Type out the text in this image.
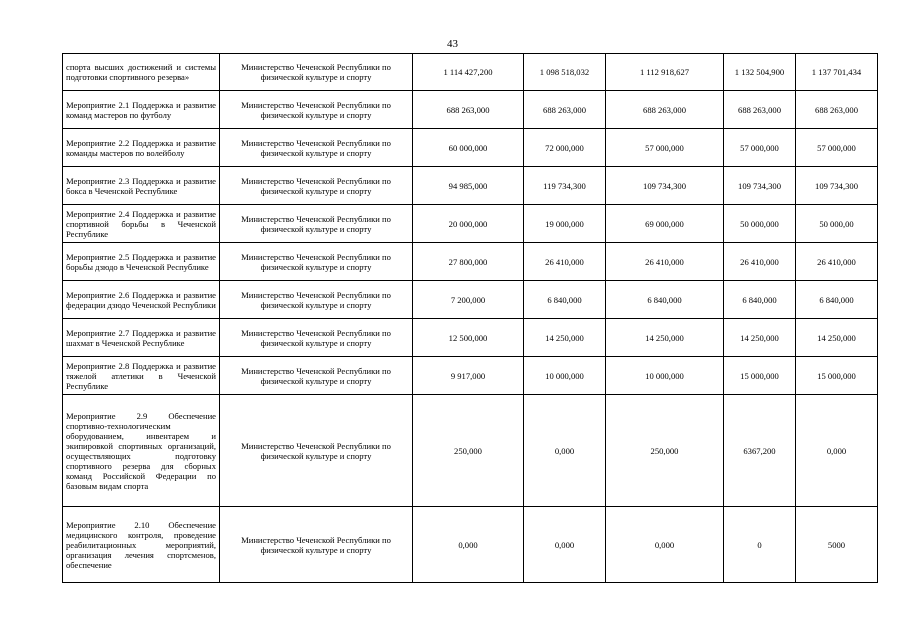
43
спорта высших достижений и системы подготовки спортивного резерва»	Министерство Чеченской Республики по физической культуре и спорту	1 114 427,200	1 098 518,032	1 112 918,627	1 132 504,900	1 137 701,434
Мероприятие 2.1 Поддержка и развитие команд мастеров по футболу	Министерство Чеченской Республики по физической культуре и спорту	688 263,000	688 263,000	688 263,000	688 263,000	688 263,000
Мероприятие 2.2 Поддержка и развитие команды мастеров по волейболу	Министерство Чеченской Республики по физической культуре и спорту	60 000,000	72 000,000	57 000,000	57 000,000	57 000,000
Мероприятие 2.3 Поддержка и развитие бокса в Чеченской Республике	Министерство Чеченской Республики по физической культуре и спорту	94 985,000	119 734,300	109 734,300	109 734,300	109 734,300
Мероприятие 2.4 Поддержка и развитие спортивной борьбы в Чеченской Республике	Министерство Чеченской Республики по физической культуре и спорту	20 000,000	19 000,000	69 000,000	50 000,000	50 000,00
Мероприятие 2.5 Поддержка и развитие борьбы дзюдо в Чеченской Республике	Министерство Чеченской Республики по физической культуре и спорту	27 800,000	26 410,000	26 410,000	26 410,000	26 410,000
Мероприятие 2.6 Поддержка и развитие федерации дзюдо Чеченской Республики	Министерство Чеченской Республики по физической культуре и спорту	7 200,000	6 840,000	6 840,000	6 840,000	6 840,000
Мероприятие 2.7 Поддержка и развитие шахмат в Чеченской Республике	Министерство Чеченской Республики по физической культуре и спорту	12 500,000	14 250,000	14 250,000	14 250,000	14 250,000
Мероприятие 2.8 Поддержка и развитие тяжелой атлетики в Чеченской Республике	Министерство Чеченской Республики по физической культуре и спорту	9 917,000	10 000,000	10 000,000	15 000,000	15 000,000
Мероприятие 2.9 Обеспечение спортивно-технологическим оборудованием, инвентарем и экипировкой спортивных организаций, осуществляющих подготовку спортивного резерва для сборных команд Российской Федерации по базовым видам спорта	Министерство Чеченской Республики по физической культуре и спорту	250,000	0,000	250,000	6367,200	0,000
Мероприятие 2.10 Обеспечение медицинского контроля, проведение реабилитационных мероприятий, организация лечения спортсменов, обеспечение	Министерство Чеченской Республики по физической культуре и спорту	0,000	0,000	0,000	0	5000
